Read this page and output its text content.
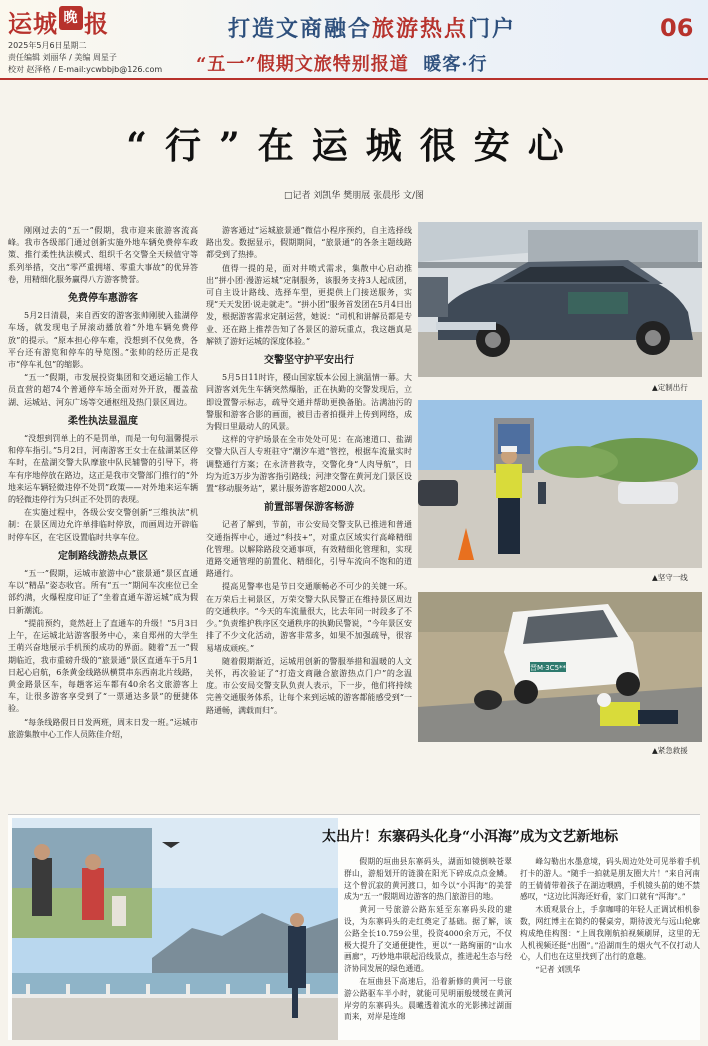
运城 晚 报
2025年5月6日星期二
责任编辑 刘丽华 / 美编 周星子
校对 赵泽格 / E-mail:ycwbbjb@126.com
打造文商融合旅游热点门户
“五一”假期文旅特别报道 暖客·行
06
“行”在运城很安心
□记者 刘凯华 樊朋展 张晨彤 文/图

刚刚过去的“五一”假期，我市迎来旅游客流高峰。我市各级部门通过创新实施外地车辆免费停车政策、推行柔性执法模式、组织千名交警全天候值守等系列举措，交出“零严重拥堵、零重大事故”的优异答卷，用精细化服务赢得八方游客赞誉。

免费停车惠游客

5月2日清晨，来自西安的游客张帅刚驶入盐湖停车场，就发现电子屏滚动播放着“外地车辆免费停放”的提示。“原本担心停车难，没想到不仅免费，各平台还有游览和停车的导览图。”张帅的经历正是我市“停车礼包”的缩影。

“五一”假期，市发展投资集团和交通运输工作人员直营的超74个普通停车场全面对外开放，覆盖盐湖、运城站、河东广场等交通枢纽及热门景区周边。

柔性执法显温度

“没想到罚单上的不是罚单，而是一句句温馨提示和停车指引。”5月2日，河南游客王女士在盐湖某区停车时，在盐湖交警大队摩旅中队民辅警的引导下，将车有序地停放在路边，这正是我市交警部门推行的“外地来运车辆轻微违停不处罚”政策——对外地来运车辆的轻微违停行为只纠正不处罚的表现。

在实施过程中，各级公安交警创新“三维执法”机制：在景区周边允许单排临时停放，而画周边开辟临时停车区，在宅区设置临时共享车位。

定制路线游热点景区

“五一”假期，运城市旅游中心“旅景通”景区直通车以“精品”姿态收官。所有“五一”期间车次座位已全部约满，火爆程度印证了“坐着直通车游运城”成为假日新潮流。

“提前预约，竟然赶上了直通车的升级！”5月3日上午，在运城北站游客服务中心，来自郑州的大学生王萌兴奋地展示手机预约成功的界面。随着“五一”假期临近，我市重磅升级的“旅景通”景区直通车于5月1日起心启航，6条黄金线路纵横贯串东西南北片线路，黄金路景区车，每趟客运车都有40余名文旅游客上车，让很多游客享受到了“一票通达多景”的便捷体验。

“每条线路假日日发两班，周末日发一班。”运城市旅游集散中心工作人员陈佳介绍，

游客通过“运城旅景通”微信小程序预约，自主选择线路出发。数据显示，假期期间，“旅景通”的各条主题线路都受到了热捧。

值得一提的是，面对井喷式需求，集散中心启动推出“拼小团·漫游运城”定制服务，该服务支持3人起成团，可自主设计路线、选择车型，更提供上门接送服务，实现“天天发团·说走就走”。“拼小团”服务首发团在5月4日出发，根据游客需求定制运营，她说：“司机和讲解员都是专业、还在路上推荐告知了各景区的游玩重点，我这趟真是解锁了游好运城的深度体验。”

交警坚守护平安出行

5月5日11时许，稷山国家版本公园上演温情一幕。大同游客刘先生车辆突然爆胎，正在执勤的交警发现后，立即设置警示标志，疏导交通并帮助更换备胎。沾满油污的警服和游客合影的画面，被目击者拍摄并上传到网络，成为假日里最动人的风景。

这样的守护场景在全市处处可见：在高速道口、盐湖交警大队百人专班驻守“潮汐车道”管控，根据车流量实时调整通行方案；在永济普救寺，交警化身“人肉导航”，日均为近3万步为游客指引路线；河津交警在黄河龙门景区设置“移动服务站”，累计服务游客超2000人次。

前置部署保游客畅游

记者了解到，节前，市公安局交警支队已推进和普通交通指挥中心，通过“科技+”，对重点区域实行高峰精细化管理。以解除路段交通事项，有效精细化管理和，实现道路交通管理的前置化、精细化，引导车流向不饱和的道路通行。

提高见警率也是节日交通顺畅必不可少的关键一环。在万荣后土祠景区，万荣交警大队民警正在维持景区周边的交通秩序。“今天的车流量很大，比去年同一时段多了不少。”负责维护秩序区交通秩序的执勤民警说，“今年景区安排了不少文化活动，游客非常多，如果不加强疏导，很容易堵成顽疾。”

随着假期渐近，运城用创新的警服举措和温暖的人文关怀，再次验证了“打造文商融合旅游热点门户”的念温度。市公安局交警支队负责人表示，下一步，他们将持续完善交通服务体系，让每个来到运城的游客都能感受到“一路通畅，满载而归”。

▲定制出行
▲坚守一线
晋M·3C5**
▲紧急救援
太出片！东寨码头化身“小洱海”成为文艺新地标

假期的垣曲县东寨码头，湖面如镜倒映苍翠群山，游船划开的涟漪在阳光下碎成点点金鳞。这个曾沉寂的黄河渡口，如今以“小洱海”的美誉成为“五一”假期周边游客的热门旅游目的地。

黄河一号旅游公路东延至东寨码头段的建设，为东寨码头的走红奠定了基础。据了解，该公路全长10.759公里，投资4000余万元，不仅极大提升了交通便捷性，更以“一路绚丽的“山水画廊”，巧妙地串联起沿线景点，推进起生态与经济协同发展的绿色通道。

在垣曲县下高速后，沿着新修的黄河一号旅游公路驱车半小时，就能可见明丽般缓缓在黄河岸旁的东寨码头。晨曦透着流水的光影拂过湖面而来，对岸是连绵

峰勾勒出水墨意境，码头周边处处可见举着手机打卡的游人。“随手一拍就是朋友圈大片！”来自河南的王倩倩带着孩子在湖边喂鸥，手机镜头前的她不禁感叹，“这边比洱海还好看，家门口就有“洱海”。”

木质观景台上，手拿咖啡的年轻人正调试相机参数，网红博主在简约的餐桌旁，期待波光与远山轮廓构成绝佳构图：“上周我刚航拍视频刷屏，这里的无人机视频还挺“出圈”。”沿湖而生的烟火气不仅打动人心，人们也在这里找到了出行的意趣。

“记者 刘凯华
